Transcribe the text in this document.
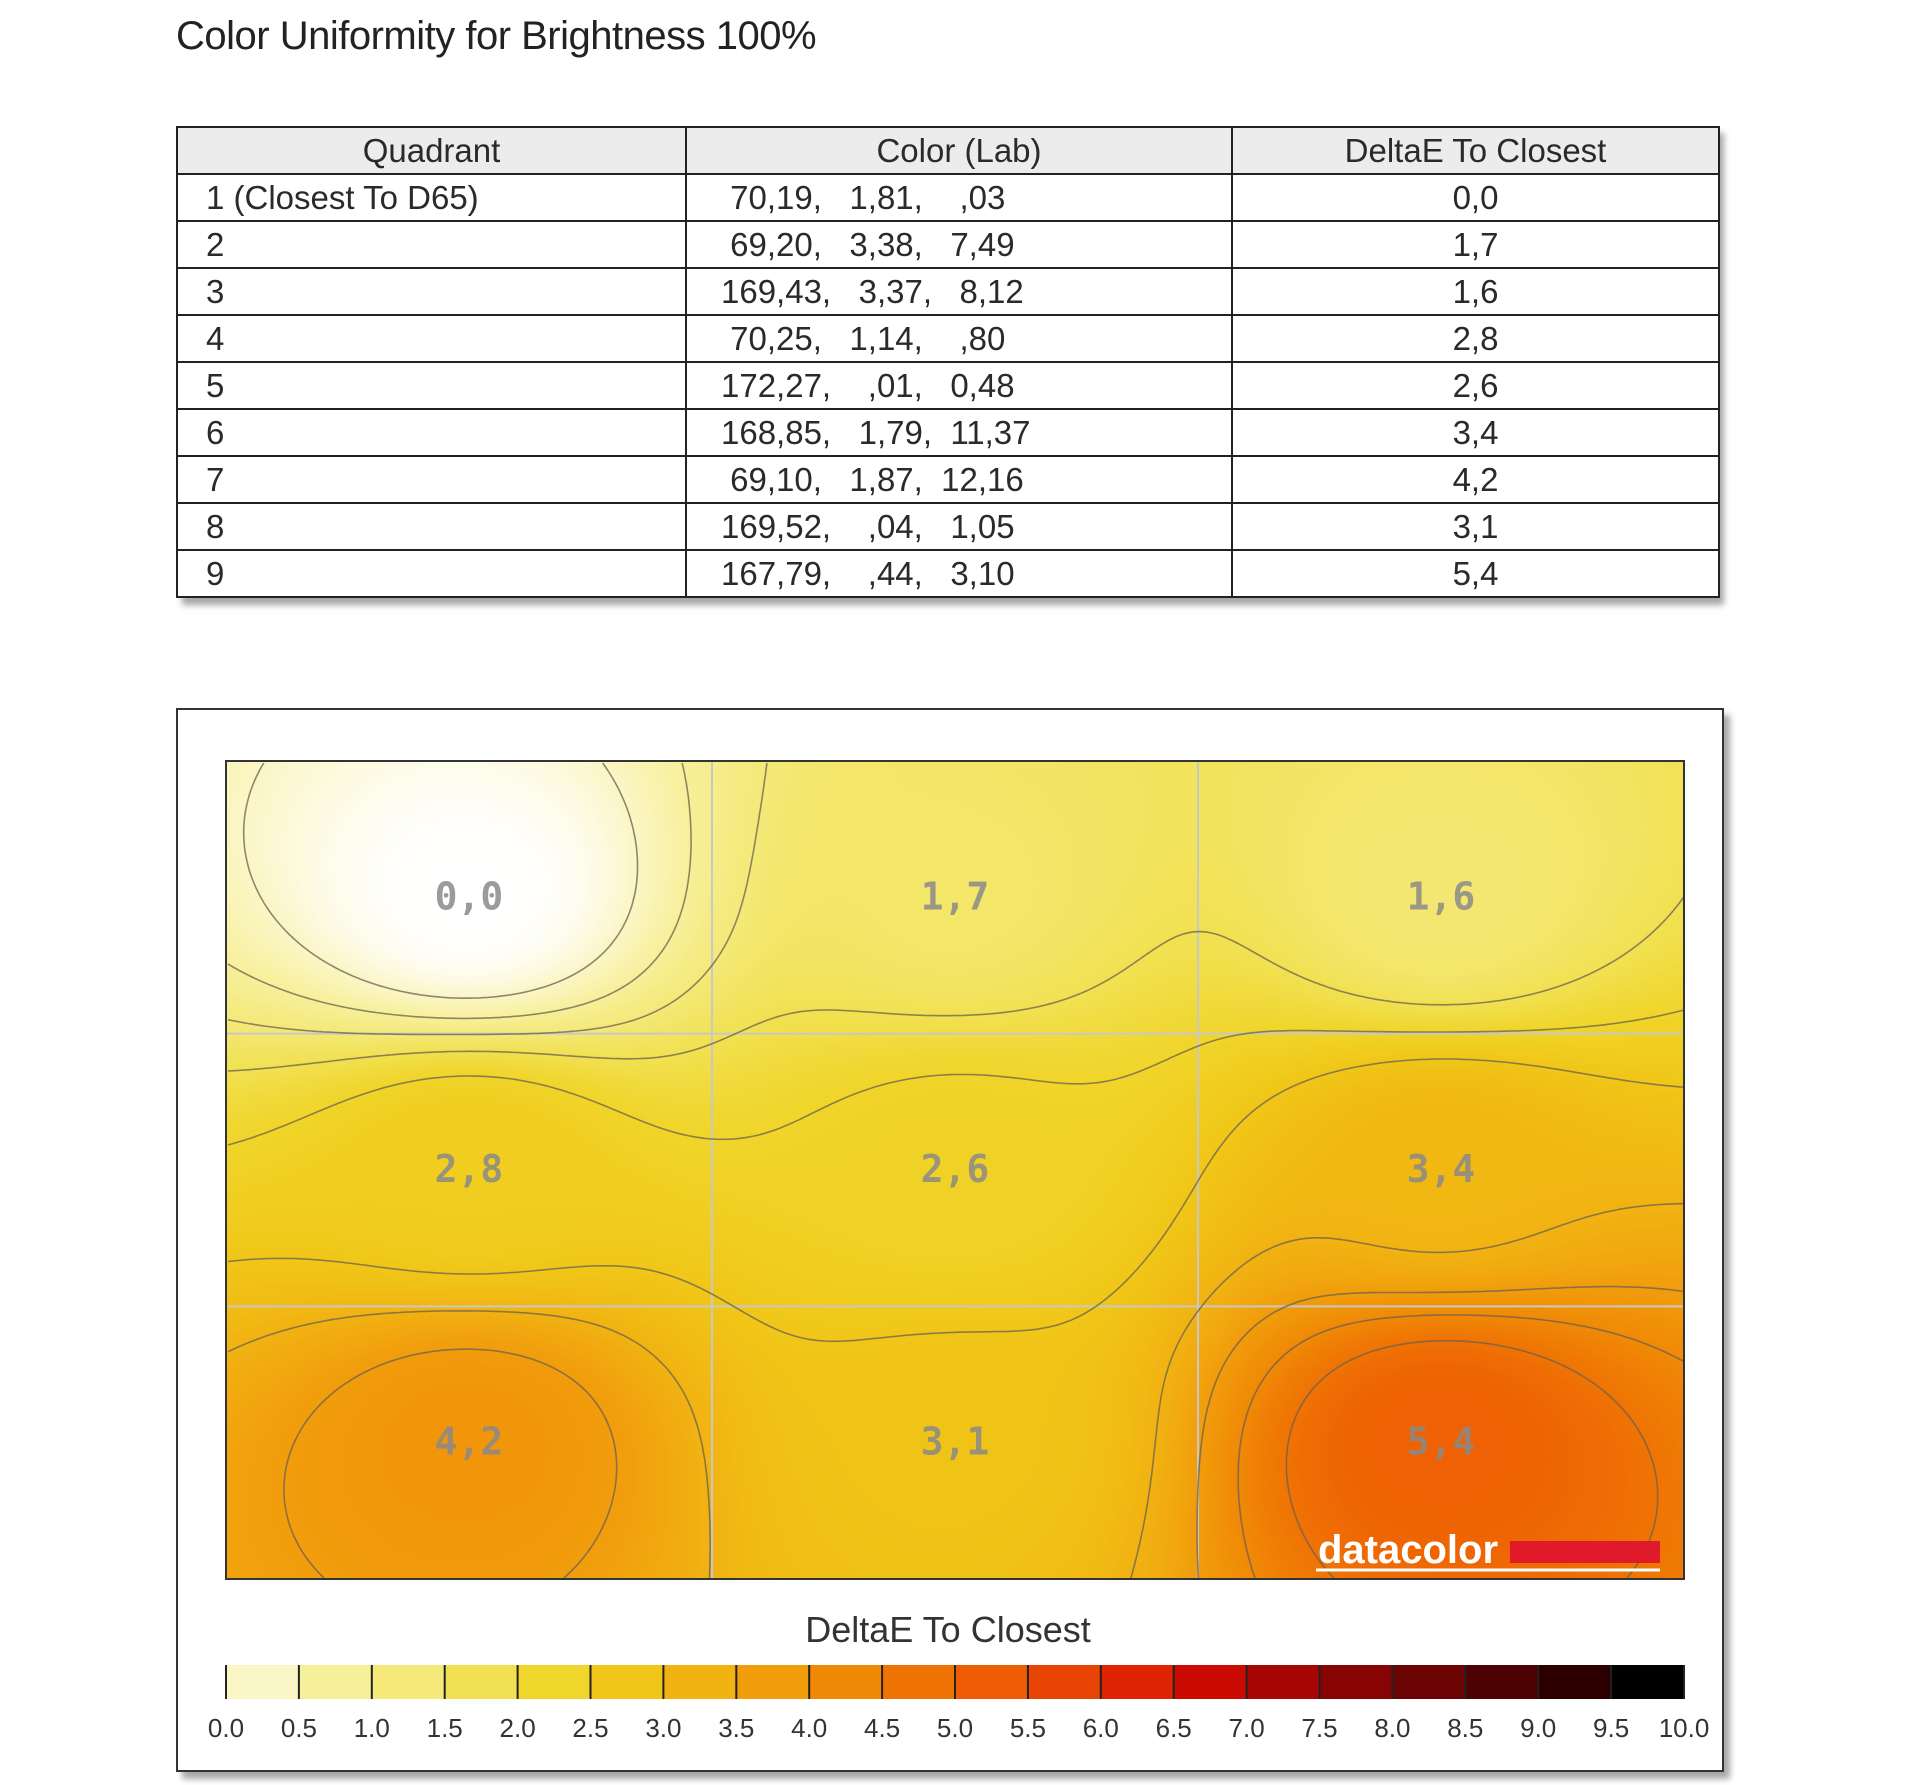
Color Uniformity for Brightness 100%
Quadrant	Color (Lab)	DeltaE To Closest
1 (Closest To D65)	70,19,   1,81,    ,03	0,0
2	69,20,   3,38,   7,49	1,7
3	169,43,   3,37,   8,12	1,6
4	70,25,   1,14,    ,80	2,8
5	172,27,    ,01,   0,48	2,6
6	168,85,   1,79,  11,37	3,4
7	69,10,   1,87,  12,16	4,2
8	169,52,    ,04,   1,05	3,1
9	167,79,    ,44,   3,10	5,4
0,0	1,7	1,6
2,8	2,6	3,4
4,2	3,1	5,4
datacolor
DeltaE To Closest
0.0 0.5 1.0 1.5 2.0 2.5 3.0 3.5 4.0 4.5 5.0 5.5 6.0 6.5 7.0 7.5 8.0 8.5 9.0 9.5 10.0
